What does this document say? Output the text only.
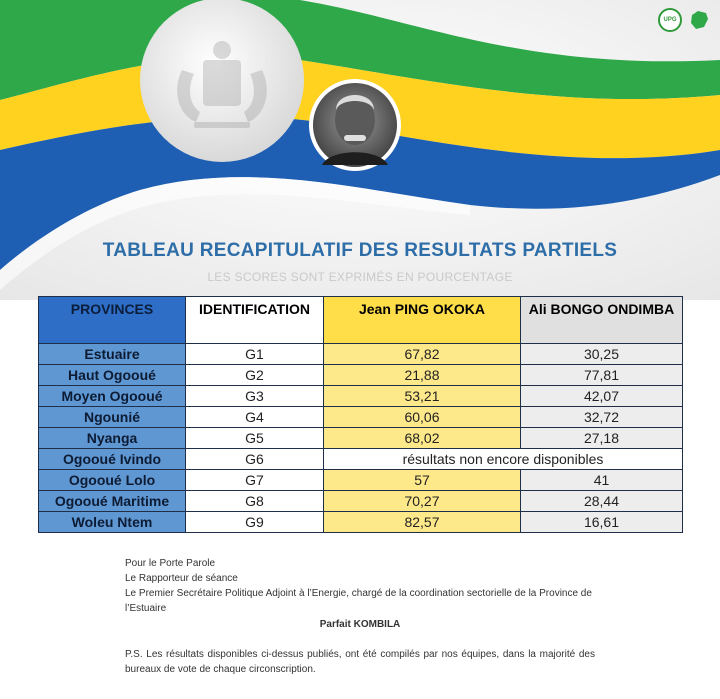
UPG
TABLEAU RECAPITULATIF DES RESULTATS PARTIELS
LES SCORES SONT EXPRIMÉS EN POURCENTAGE
PROVINCES	IDENTIFICATION	Jean PING OKOKA	Ali BONGO ONDIMBA
Estuaire	G1	67,82	30,25
Haut Ogooué	G2	21,88	77,81
Moyen Ogooué	G3	53,21	42,07
Ngounié	G4	60,06	32,72
Nyanga	G5	68,02	27,18
Ogooué Ivindo	G6	résultats non encore disponibles	
Ogooué Lolo	G7	57	41
Ogooué Maritime	G8	70,27	28,44
Woleu Ntem	G9	82,57	16,61
Pour le Porte Parole
Le Rapporteur de séance
Le Premier Secrétaire Politique Adjoint à l’Energie, chargé de la coordination sectorielle de la Province de l’Estuaire
Parfait KOMBILA
P.S. Les résultats disponibles ci-dessus publiés, ont été compilés par nos équipes, dans la majorité des bureaux de vote de chaque circonscription.
